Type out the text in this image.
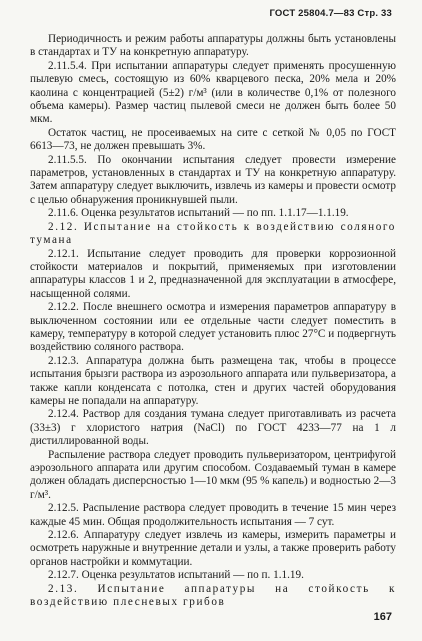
ГОСТ 25804.7—83 Стр. 33

Периодичность и режим работы аппаратуры должны быть установлены в стандартах и ТУ на конкретную аппаратуру.

2.11.5.4. При испытании аппаратуры следует применять просушенную пылевую смесь, состоящую из 60% кварцевого песка, 20% мела и 20% каолина с концентрацией (5±2) г/м³ (или в количестве 0,1% от полезного объема камеры). Размер частиц пылевой смеси не должен быть более 50 мкм.

Остаток частиц, не просеиваемых на сите с сеткой № 0,05 по ГОСТ 6613—73, не должен превышать 3%.

2.11.5.5. По окончании испытания следует провести измерение параметров, установленных в стандартах и ТУ на конкретную аппаратуру. Затем аппаратуру следует выключить, извлечь из камеры и провести осмотр с целью обнаружения проникнувшей пыли.

2.11.6. Оценка результатов испытаний — по пп. 1.1.17—1.1.19.

2.12. Испытание на стойкость к воздействию соляного тумана

2.12.1. Испытание следует проводить для проверки коррозионной стойкости материалов и покрытий, применяемых при изготовлении аппаратуры классов 1 и 2, предназначенной для эксплуатации в атмосфере, насыщенной солями.

2.12.2. После внешнего осмотра и измерения параметров аппаратуру в выключенном состоянии или ее отдельные части следует поместить в камеру, температуру в которой следует установить плюс 27°С и подвергнуть воздействию соляного раствора.

2.12.3. Аппаратура должна быть размещена так, чтобы в процессе испытания брызги раствора из аэрозольного аппарата или пульверизатора, а также капли конденсата с потолка, стен и других частей оборудования камеры не попадали на аппаратуру.

2.12.4. Раствор для создания тумана следует приготавливать из расчета (33±3) г хлористого натрия (NaCl) по ГОСТ 4233—77 на 1 л дистиллированной воды.

Распыление раствора следует проводить пульверизатором, центрифугой аэрозольного аппарата или другим способом. Создаваемый туман в камере должен обладать дисперсностью 1—10 мкм (95 % капель) и водностью 2—3 г/м³.

2.12.5. Распыление раствора следует проводить в течение 15 мин через каждые 45 мин. Общая продолжительность испытания — 7 сут.

2.12.6. Аппаратуру следует извлечь из камеры, измерить параметры и осмотреть наружные и внутренние детали и узлы, а также проверить работу органов настройки и коммутации.

2.12.7. Оценка результатов испытаний — по п. 1.1.19.

2.13. Испытание аппаратуры на стойкость к воздействию плесневых грибов

167
